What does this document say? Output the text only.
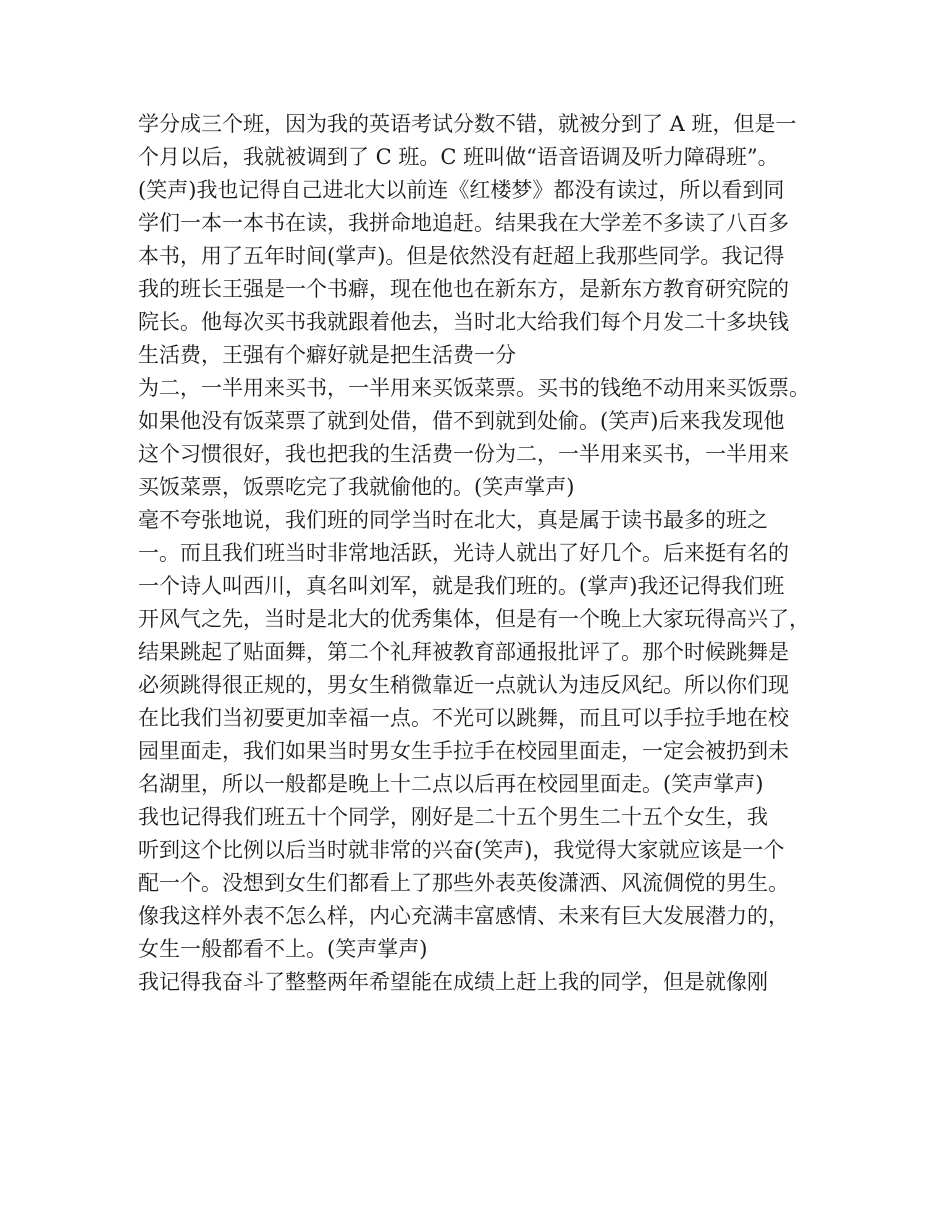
学分成三个班，因为我的英语考试分数不错，就被分到了 A 班，但是一
个月以后，我就被调到了 C 班。C 班叫做“语音语调及听力障碍班”。
(笑声)我也记得自己进北大以前连《红楼梦》都没有读过，所以看到同
学们一本一本书在读，我拼命地追赶。结果我在大学差不多读了八百多
本书，用了五年时间(掌声)。但是依然没有赶超上我那些同学。我记得
我的班长王强是一个书癖，现在他也在新东方，是新东方教育研究院的
院长。他每次买书我就跟着他去，当时北大给我们每个月发二十多块钱
生活费，王强有个癖好就是把生活费一分
为二，一半用来买书，一半用来买饭菜票。买书的钱绝不动用来买饭票。
如果他没有饭菜票了就到处借，借不到就到处偷。(笑声)后来我发现他
这个习惯很好，我也把我的生活费一份为二，一半用来买书，一半用来
买饭菜票，饭票吃完了我就偷他的。(笑声掌声)
毫不夸张地说，我们班的同学当时在北大，真是属于读书最多的班之
一。而且我们班当时非常地活跃，光诗人就出了好几个。后来挺有名的
一个诗人叫西川，真名叫刘军，就是我们班的。(掌声)我还记得我们班
开风气之先，当时是北大的优秀集体，但是有一个晚上大家玩得高兴了，
结果跳起了贴面舞，第二个礼拜被教育部通报批评了。那个时候跳舞是
必须跳得很正规的，男女生稍微靠近一点就认为违反风纪。所以你们现
在比我们当初要更加幸福一点。不光可以跳舞，而且可以手拉手地在校
园里面走，我们如果当时男女生手拉手在校园里面走，一定会被扔到未
名湖里，所以一般都是晚上十二点以后再在校园里面走。(笑声掌声)
我也记得我们班五十个同学，刚好是二十五个男生二十五个女生，我
听到这个比例以后当时就非常的兴奋(笑声)，我觉得大家就应该是一个
配一个。没想到女生们都看上了那些外表英俊潇洒、风流倜傥的男生。
像我这样外表不怎么样，内心充满丰富感情、未来有巨大发展潜力的，
女生一般都看不上。(笑声掌声)
我记得我奋斗了整整两年希望能在成绩上赶上我的同学，但是就像刚
